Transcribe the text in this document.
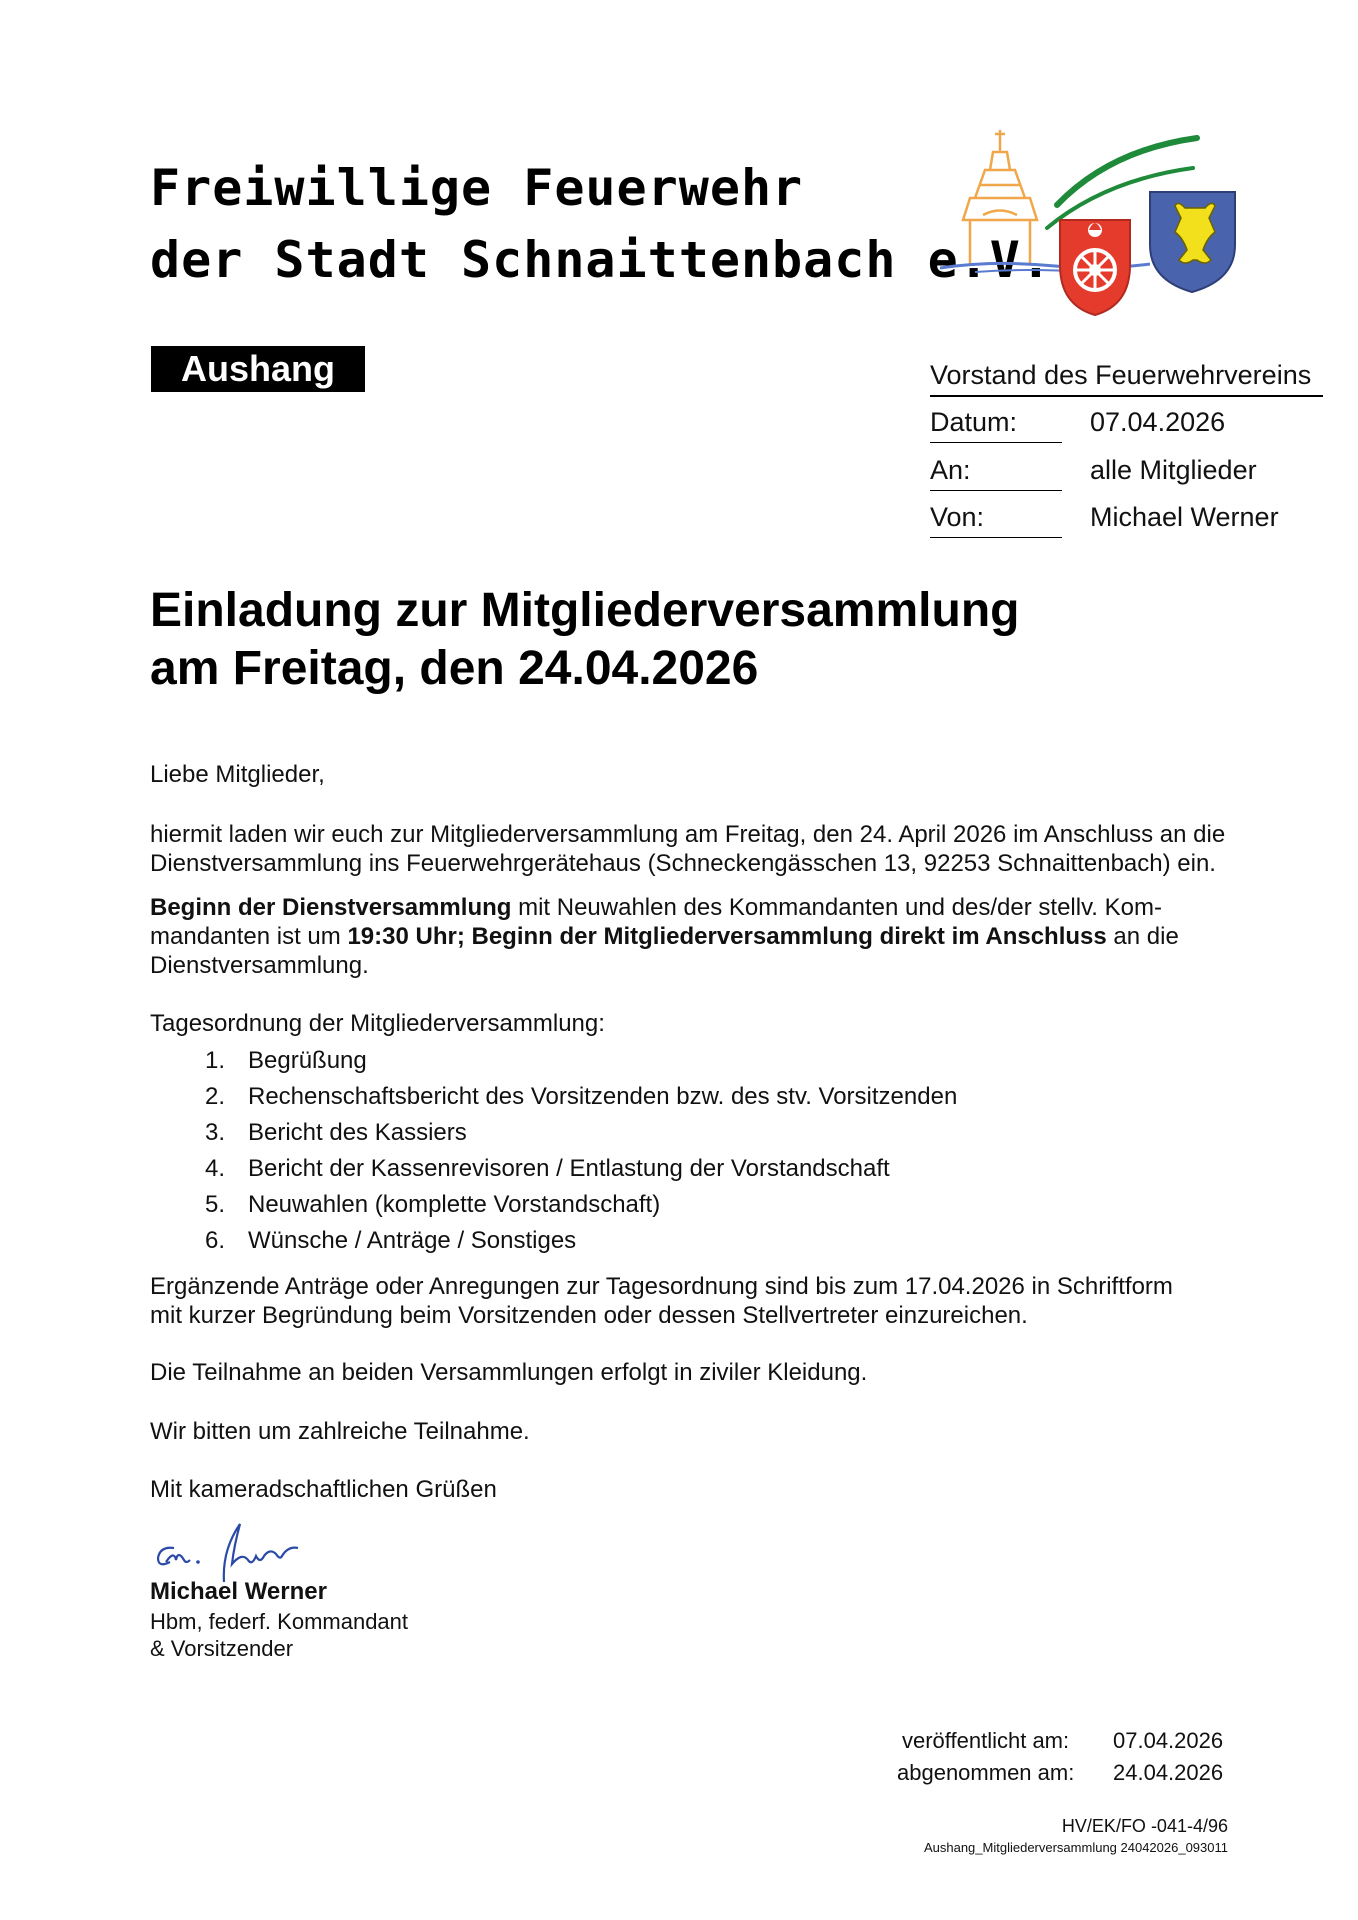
Freiwillige Feuerwehr
der Stadt Schnaittenbach e.V.
Aushang	Vorstand des Feuerwehrvereins
Datum:	07.04.2026
An:	alle Mitglieder
Von:	Michael Werner
Einladung zur Mitgliederversammlung
am Freitag, den 24.04.2026
Liebe Mitglieder,
hiermit laden wir euch zur Mitgliederversammlung am Freitag, den 24. April 2026 im Anschluss an die
Dienstversammlung ins Feuerwehrgerätehaus (Schneckengässchen 13, 92253 Schnaittenbach) ein.
Beginn der Dienstversammlung mit Neuwahlen des Kommandanten und des/der stellv. Kom-
mandanten ist um 19:30 Uhr; Beginn der Mitgliederversammlung direkt im Anschluss an die
Dienstversammlung.
Tagesordnung der Mitgliederversammlung:
1. Begrüßung
2. Rechenschaftsbericht des Vorsitzenden bzw. des stv. Vorsitzenden
3. Bericht des Kassiers
4. Bericht der Kassenrevisoren / Entlastung der Vorstandschaft
5. Neuwahlen (komplette Vorstandschaft)
6. Wünsche / Anträge / Sonstiges
Ergänzende Anträge oder Anregungen zur Tagesordnung sind bis zum 17.04.2026 in Schriftform
mit kurzer Begründung beim Vorsitzenden oder dessen Stellvertreter einzureichen.
Die Teilnahme an beiden Versammlungen erfolgt in ziviler Kleidung.
Wir bitten um zahlreiche Teilnahme.
Mit kameradschaftlichen Grüßen
Michael Werner
Hbm, federf. Kommandant
& Vorsitzender
veröffentlicht am: 07.04.2026
abgenommen am: 24.04.2026
HV/EK/FO -041-4/96
Aushang_Mitgliederversammlung 24042026_093011
